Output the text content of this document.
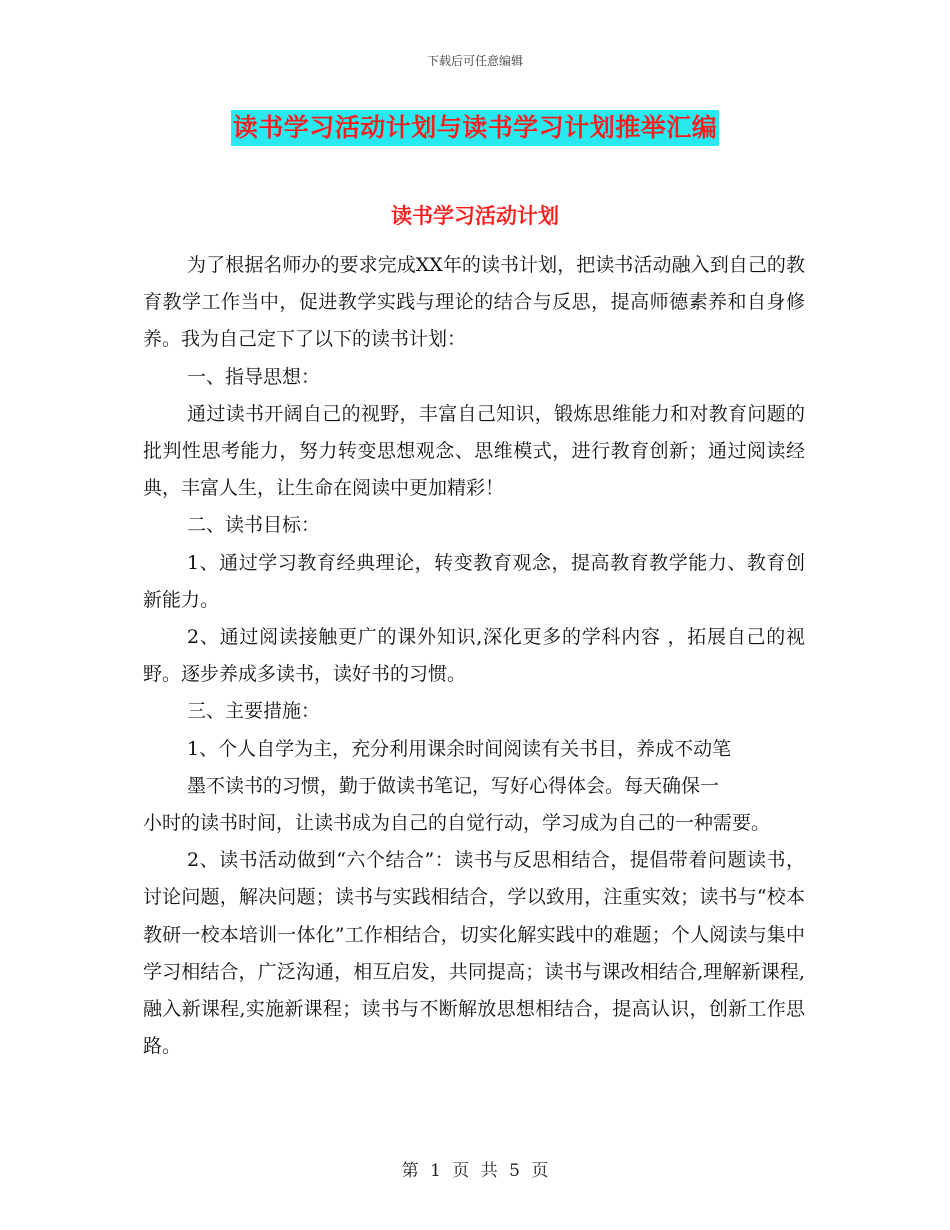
下载后可任意编辑
读书学习活动计划与读书学习计划推举汇编
读书学习活动计划

为了根据名师办的要求完成XX年的读书计划，把读书活动融入到自己的教育教学工作当中，促进教学实践与理论的结合与反思，提高师德素养和自身修养。我为自己定下了以下的读书计划：

一、指导思想：

通过读书开阔自己的视野，丰富自己知识，锻炼思维能力和对教育问题的批判性思考能力，努力转变思想观念、思维模式，进行教育创新；通过阅读经典，丰富人生，让生命在阅读中更加精彩！

二、读书目标：

1、通过学习教育经典理论，转变教育观念，提高教育教学能力、教育创新能力。

2、通过阅读接触更广的课外知识,深化更多的学科内容 ，拓展自己的视野。逐步养成多读书，读好书的习惯。

三、主要措施：

1、个人自学为主，充分利用课余时间阅读有关书目，养成不动笔

墨不读书的习惯，勤于做读书笔记，写好心得体会。每天确保一

小时的读书时间，让读书成为自己的自觉行动，学习成为自己的一种需要。

2、读书活动做到“六个结合”：读书与反思相结合，提倡带着问题读书，讨论问题，解决问题；读书与实践相结合，学以致用，注重实效；读书与“校本教研一校本培训一体化”工作相结合，切实化解实践中的难题；个人阅读与集中学习相结合，广泛沟通，相互启发，共同提高；读书与课改相结合,理解新课程,融入新课程,实施新课程；读书与不断解放思想相结合，提高认识，创新工作思路。

第 1 页 共 5 页
